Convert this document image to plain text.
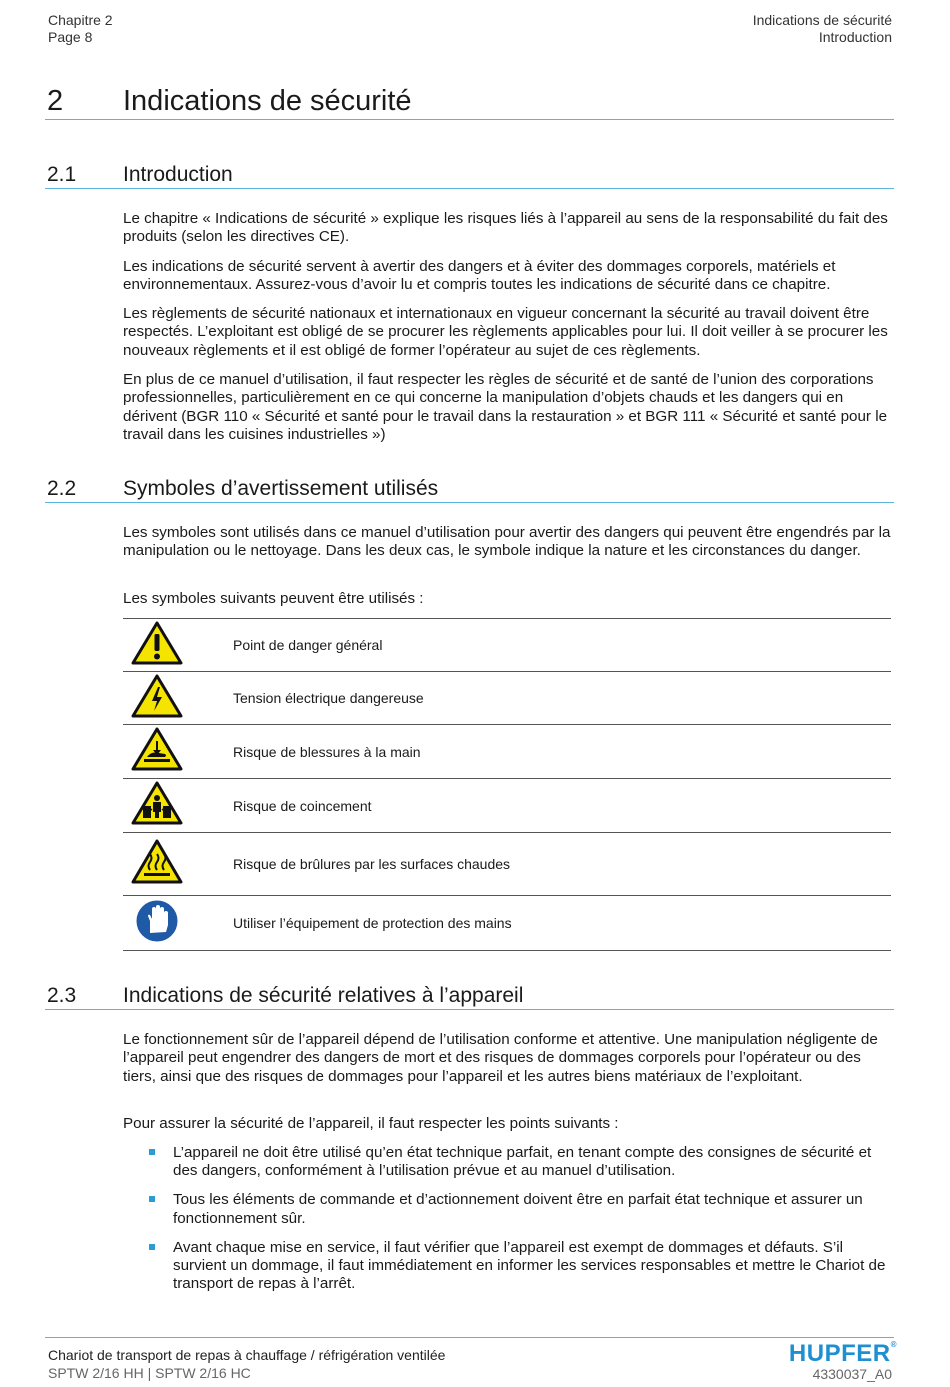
Chapitre 2
Page 8
Indications de sécurité
Introduction
2 Indications de sécurité
2.1 Introduction

Le chapitre « Indications de sécurité » explique les risques liés à l’appareil au sens de la responsabilité du fait des produits (selon les directives CE).

Les indications de sécurité servent à avertir des dangers et à éviter des dommages corporels, matériels et environnementaux. Assurez-vous d’avoir lu et compris toutes les indications de sécurité dans ce chapitre.

Les règlements de sécurité nationaux et internationaux en vigueur concernant la sécurité au travail doivent être respectés. L’exploitant est obligé de se procurer les règlements applicables pour lui. Il doit veiller à se procurer les nouveaux règlements et il est obligé de former l’opérateur au sujet de ces règlements.

En plus de ce manuel d’utilisation, il faut respecter les règles de sécurité et de santé de l’union des corporations professionnelles, particulièrement en ce qui concerne la manipulation d’objets chauds et les dangers qui en dérivent (BGR 110 « Sécurité et santé pour le travail dans la restauration » et BGR 111 « Sécurité et santé pour le travail dans les cuisines industrielles »)

2.2 Symboles d’avertissement utilisés

Les symboles sont utilisés dans ce manuel d’utilisation pour avertir des dangers qui peuvent être engendrés par la manipulation ou le nettoyage. Dans les deux cas, le symbole indique la nature et les circonstances du danger.

Les symboles suivants peuvent être utilisés :

		Point de danger général
		Tension électrique dangereuse
		Risque de blessures à la main
		Risque de coincement
		Risque de brûlures par les surfaces chaudes
		Utiliser l’équipement de protection des mains
2.3 Indications de sécurité relatives à l’appareil

Le fonctionnement sûr de l’appareil dépend de l’utilisation conforme et attentive. Une manipulation négligente de l’appareil peut engendrer des dangers de mort et des risques de dommages corporels pour l’opérateur ou des tiers, ainsi que des risques de dommages pour l’appareil et les autres biens matériaux de l’exploitant.

Pour assurer la sécurité de l’appareil, il faut respecter les points suivants :

L’appareil ne doit être utilisé qu’en état technique parfait, en tenant compte des consignes de sécurité et des dangers, conformément à l’utilisation prévue et au manuel d’utilisation.
Tous les éléments de commande et d’actionnement doivent être en parfait état technique et assurer un fonctionnement sûr.
Avant chaque mise en service, il faut vérifier que l’appareil est exempt de dommages et défauts. S’il survient un dommage, il faut immédiatement en informer les services responsables et mettre le Chariot de transport de repas à l’arrêt.
Chariot de transport de repas à chauffage / réfrigération ventilée
SPTW 2/16 HH | SPTW 2/16 HC
HUPFER®
4330037_A0
